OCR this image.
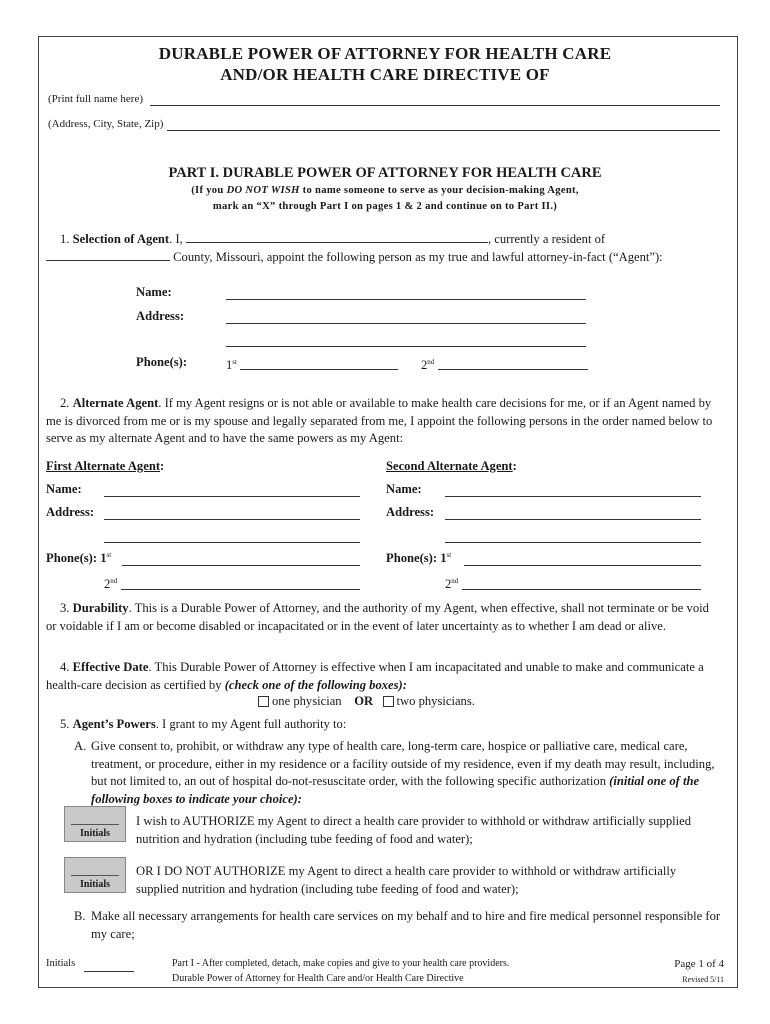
DURABLE POWER OF ATTORNEY FOR HEALTH CARE
AND/OR HEALTH CARE DIRECTIVE OF
(Print full name here)
(Address, City, State, Zip)
PART I. DURABLE POWER OF ATTORNEY FOR HEALTH CARE
(If you DO NOT WISH to name someone to serve as your decision-making Agent,
mark an “X” through Part I on pages 1 & 2 and continue on to Part II.)
1. Selection of Agent. I,	, currently a resident of
County, Missouri, appoint the following person as my true and lawful attorney-in-fact (“Agent”):
Name:
Address:
Phone(s):	1st	2nd
2. Alternate Agent. If my Agent resigns or is not able or available to make health care decisions for me, or if an Agent named by me is divorced from me or is my spouse and legally separated from me, I appoint the following persons in the order named below to serve as my alternate Agent and to have the same powers as my Agent:
First Alternate Agent:	Second Alternate Agent:
Name:	Name:
Address:	Address:
Phone(s): 1st	Phone(s): 1st
2nd	2nd
3. Durability. This is a Durable Power of Attorney, and the authority of my Agent, when effective, shall not terminate or be void or voidable if I am or become disabled or incapacitated or in the event of later uncertainty as to whether I am dead or alive.
4. Effective Date. This Durable Power of Attorney is effective when I am incapacitated and unable to make and communicate a health-care decision as certified by (check one of the following boxes):
one physician OR two physicians.
5. Agent’s Powers. I grant to my Agent full authority to:
A. Give consent to, prohibit, or withdraw any type of health care, long-term care, hospice or palliative care, medical care, treatment, or procedure, either in my residence or a facility outside of my residence, even if my death may result, including, but not limited to, an out of hospital do-not-resuscitate order, with the following specific authorization (initial one of the following boxes to indicate your choice):
Initials
I wish to AUTHORIZE my Agent to direct a health care provider to withhold or withdraw artificially supplied nutrition and hydration (including tube feeding of food and water);
Initials
OR I DO NOT AUTHORIZE my Agent to direct a health care provider to withhold or withdraw artificially supplied nutrition and hydration (including tube feeding of food and water);
B. Make all necessary arrangements for health care services on my behalf and to hire and fire medical personnel responsible for my care;
Initials	Part I - After completed, detach, make copies and give to your health care providers.
Durable Power of Attorney for Health Care and/or Health Care Directive
Page 1 of 4
Revised 5/11
